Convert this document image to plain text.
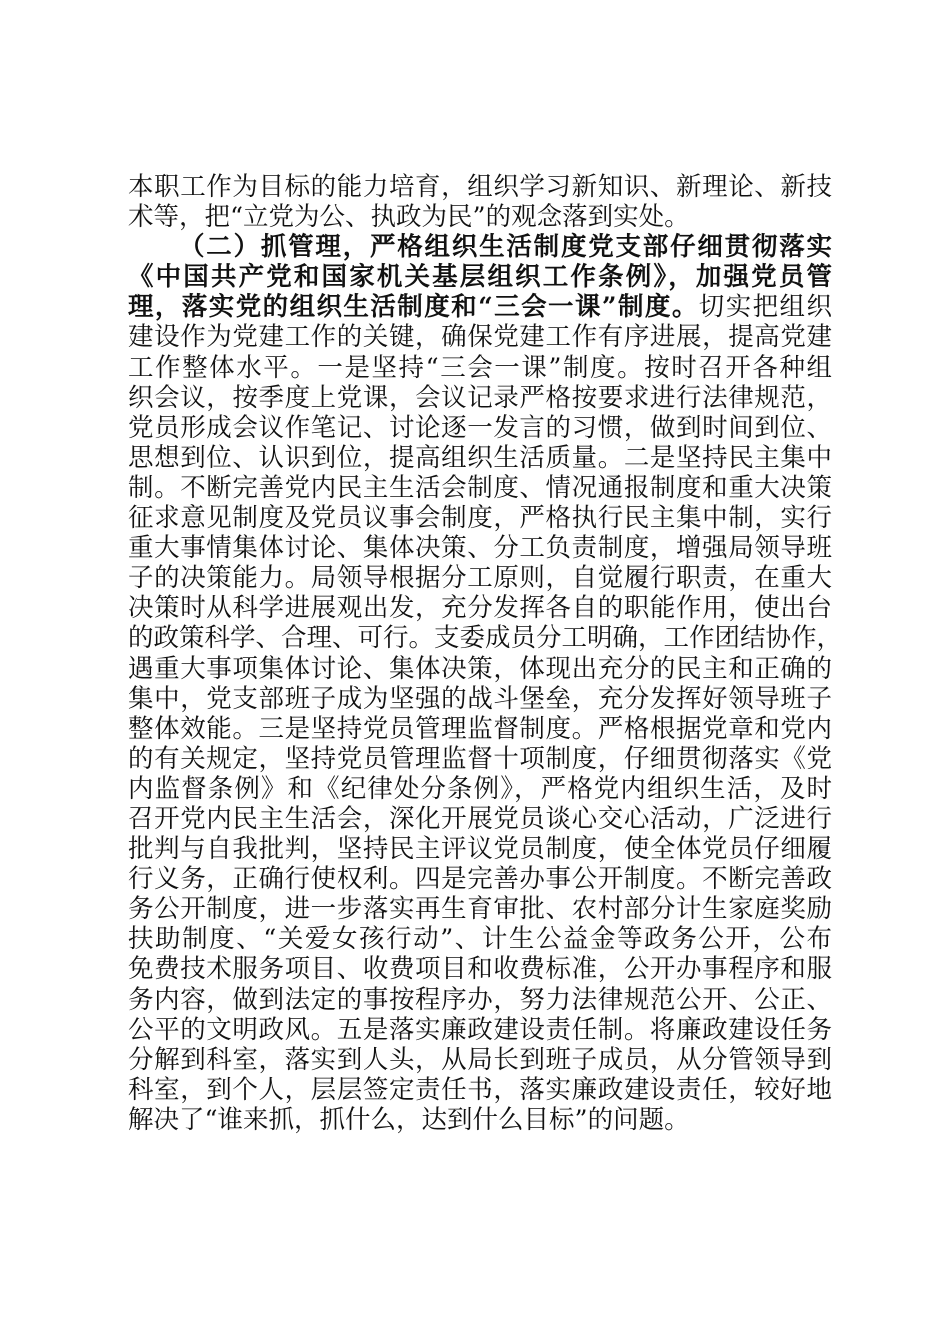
本职工作为目标的能力培育，组织学习新知识、新理论、新技
术等，把“立党为公、执政为民”的观念落到实处。
（二）抓管理，严格组织生活制度党支部仔细贯彻落实
《中国共产党和国家机关基层组织工作条例》，加强党员管
理，落实党的组织生活制度和“三会一课”制度。切实把组织
建设作为党建工作的关键，确保党建工作有序进展，提高党建
工作整体水平。一是坚持“三会一课”制度。按时召开各种组
织会议，按季度上党课，会议记录严格按要求进行法律规范，
党员形成会议作笔记、讨论逐一发言的习惯，做到时间到位、
思想到位、认识到位，提高组织生活质量。二是坚持民主集中
制。不断完善党内民主生活会制度、情况通报制度和重大决策
征求意见制度及党员议事会制度，严格执行民主集中制，实行
重大事情集体讨论、集体决策、分工负责制度，增强局领导班
子的决策能力。局领导根据分工原则，自觉履行职责，在重大
决策时从科学进展观出发，充分发挥各自的职能作用，使出台
的政策科学、合理、可行。支委成员分工明确，工作团结协作，
遇重大事项集体讨论、集体决策，体现出充分的民主和正确的
集中，党支部班子成为坚强的战斗堡垒，充分发挥好领导班子
整体效能。三是坚持党员管理监督制度。严格根据党章和党内
的有关规定，坚持党员管理监督十项制度，仔细贯彻落实《党
内监督条例》和《纪律处分条例》，严格党内组织生活，及时
召开党内民主生活会，深化开展党员谈心交心活动，广泛进行
批判与自我批判，坚持民主评议党员制度，使全体党员仔细履
行义务，正确行使权利。四是完善办事公开制度。不断完善政
务公开制度，进一步落实再生育审批、农村部分计生家庭奖励
扶助制度、“关爱女孩行动”、计生公益金等政务公开，公布
免费技术服务项目、收费项目和收费标准，公开办事程序和服
务内容，做到法定的事按程序办，努力法律规范公开、公正、
公平的文明政风。五是落实廉政建设责任制。将廉政建设任务
分解到科室，落实到人头，从局长到班子成员，从分管领导到
科室，到个人，层层签定责任书，落实廉政建设责任，较好地
解决了“谁来抓，抓什么，达到什么目标”的问题。
